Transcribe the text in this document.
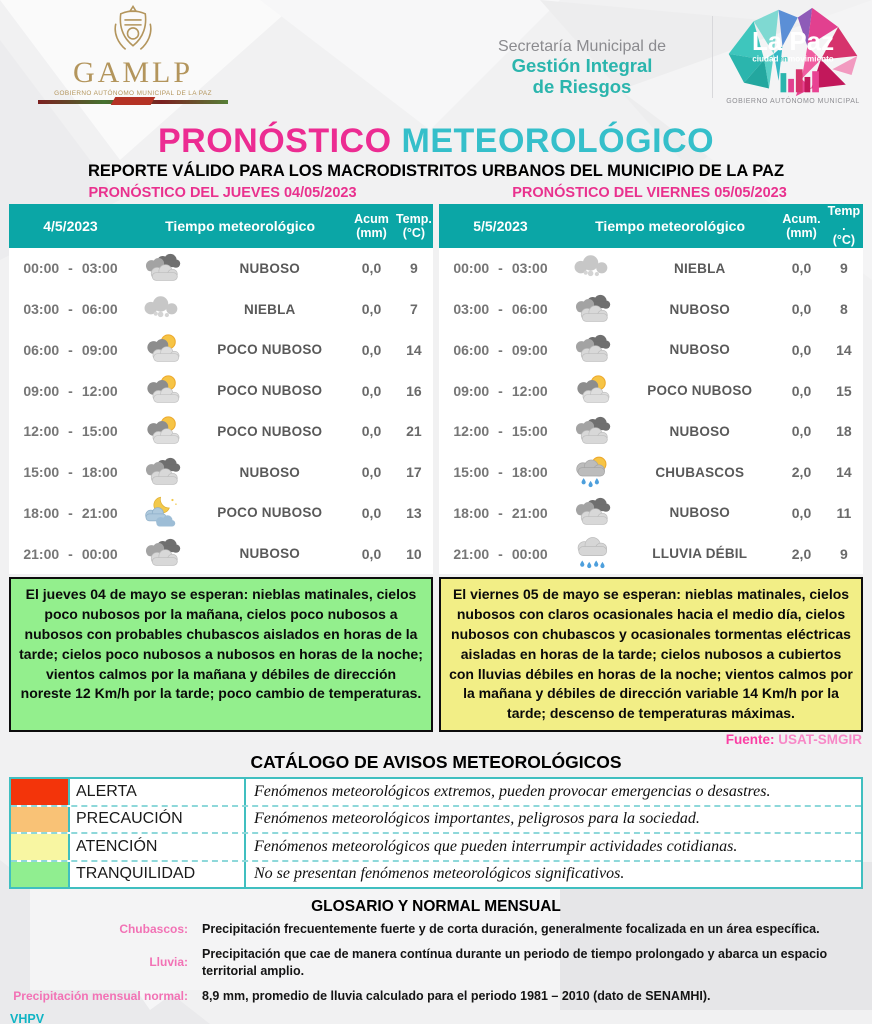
GAMLP
GOBIERNO AUTÓNOMO MUNICIPAL DE LA PAZ
Secretaría Municipal de
Gestión Integral
de Riesgos
La Paz
ciudadenmovimiento
GOBIERNO AUTÓNOMO MUNICIPAL
PRONÓSTICO METEOROLÓGICO
REPORTE VÁLIDO PARA LOS MACRODISTRITOS URBANOS DEL MUNICIPIO DE LA PAZ
PRONÓSTICO DEL JUEVES 04/05/2023	PRONÓSTICO DEL VIERNES 05/05/2023
4/5/2023	Tiempo meteorológico	Acum
(mm)
Temp.
(°C)
00:00 - 03:00	NUBOSO	0,0	9
03:00 - 06:00	NIEBLA	0,0	7
06:00 - 09:00	POCO NUBOSO	0,0	14
09:00 - 12:00	POCO NUBOSO	0,0	16
12:00 - 15:00	POCO NUBOSO	0,0	21
15:00 - 18:00	NUBOSO	0,0	17
18:00 - 21:00	POCO NUBOSO	0,0	13
21:00 - 00:00	NUBOSO	0,0	10
5/5/2023	Tiempo meteorológico	Acum.
(mm)
Temp .
(°C)
00:00 - 03:00	NIEBLA	0,0	9
03:00 - 06:00	NUBOSO	0,0	8
06:00 - 09:00	NUBOSO	0,0	14
09:00 - 12:00	POCO NUBOSO	0,0	15
12:00 - 15:00	NUBOSO	0,0	18
15:00 - 18:00	CHUBASCOS	2,0	14
18:00 - 21:00	NUBOSO	0,0	11
21:00 - 00:00	LLUVIA DÉBIL	2,0	9
El jueves 04 de mayo se esperan: nieblas matinales, cielos poco nubosos por la mañana, cielos poco nubosos a nubosos con probables chubascos aislados en horas de la tarde; cielos poco nubosos a nubosos en horas de la noche; vientos calmos por la mañana y débiles de dirección noreste 12 Km/h por la tarde; poco cambio de temperaturas.
El viernes 05 de mayo se esperan: nieblas matinales, cielos nubosos con claros ocasionales hacia el medio día, cielos nubosos con chubascos y ocasionales tormentas eléctricas aisladas en horas de la tarde; cielos nubosos a cubiertos con lluvias débiles en horas de la noche; vientos calmos por la mañana y débiles de dirección variable 14 Km/h por la tarde; descenso de temperaturas máximas.
Fuente: USAT-SMGIR
CATÁLOGO DE AVISOS METEOROLÓGICOS
ALERTA	Fenómenos meteorológicos extremos, pueden provocar emergencias o desastres.
PRECAUCIÓN	Fenómenos meteorológicos importantes, peligrosos para la sociedad.
ATENCIÓN	Fenómenos meteorológicos que pueden interrumpir actividades cotidianas.
TRANQUILIDAD	No se presentan fenómenos meteorológicos significativos.
GLOSARIO Y NORMAL MENSUAL
Chubascos:	Precipitación frecuentemente fuerte y de corta duración, generalmente focalizada en un área específica.
Lluvia:
Precipitación que cae de manera contínua durante un periodo de tiempo prolongado y abarca un espacio territorial amplio.
Precipitación mensual normal:	8,9 mm, promedio de lluvia calculado para el periodo 1981 – 2010 (dato de SENAMHI).
VHPV
